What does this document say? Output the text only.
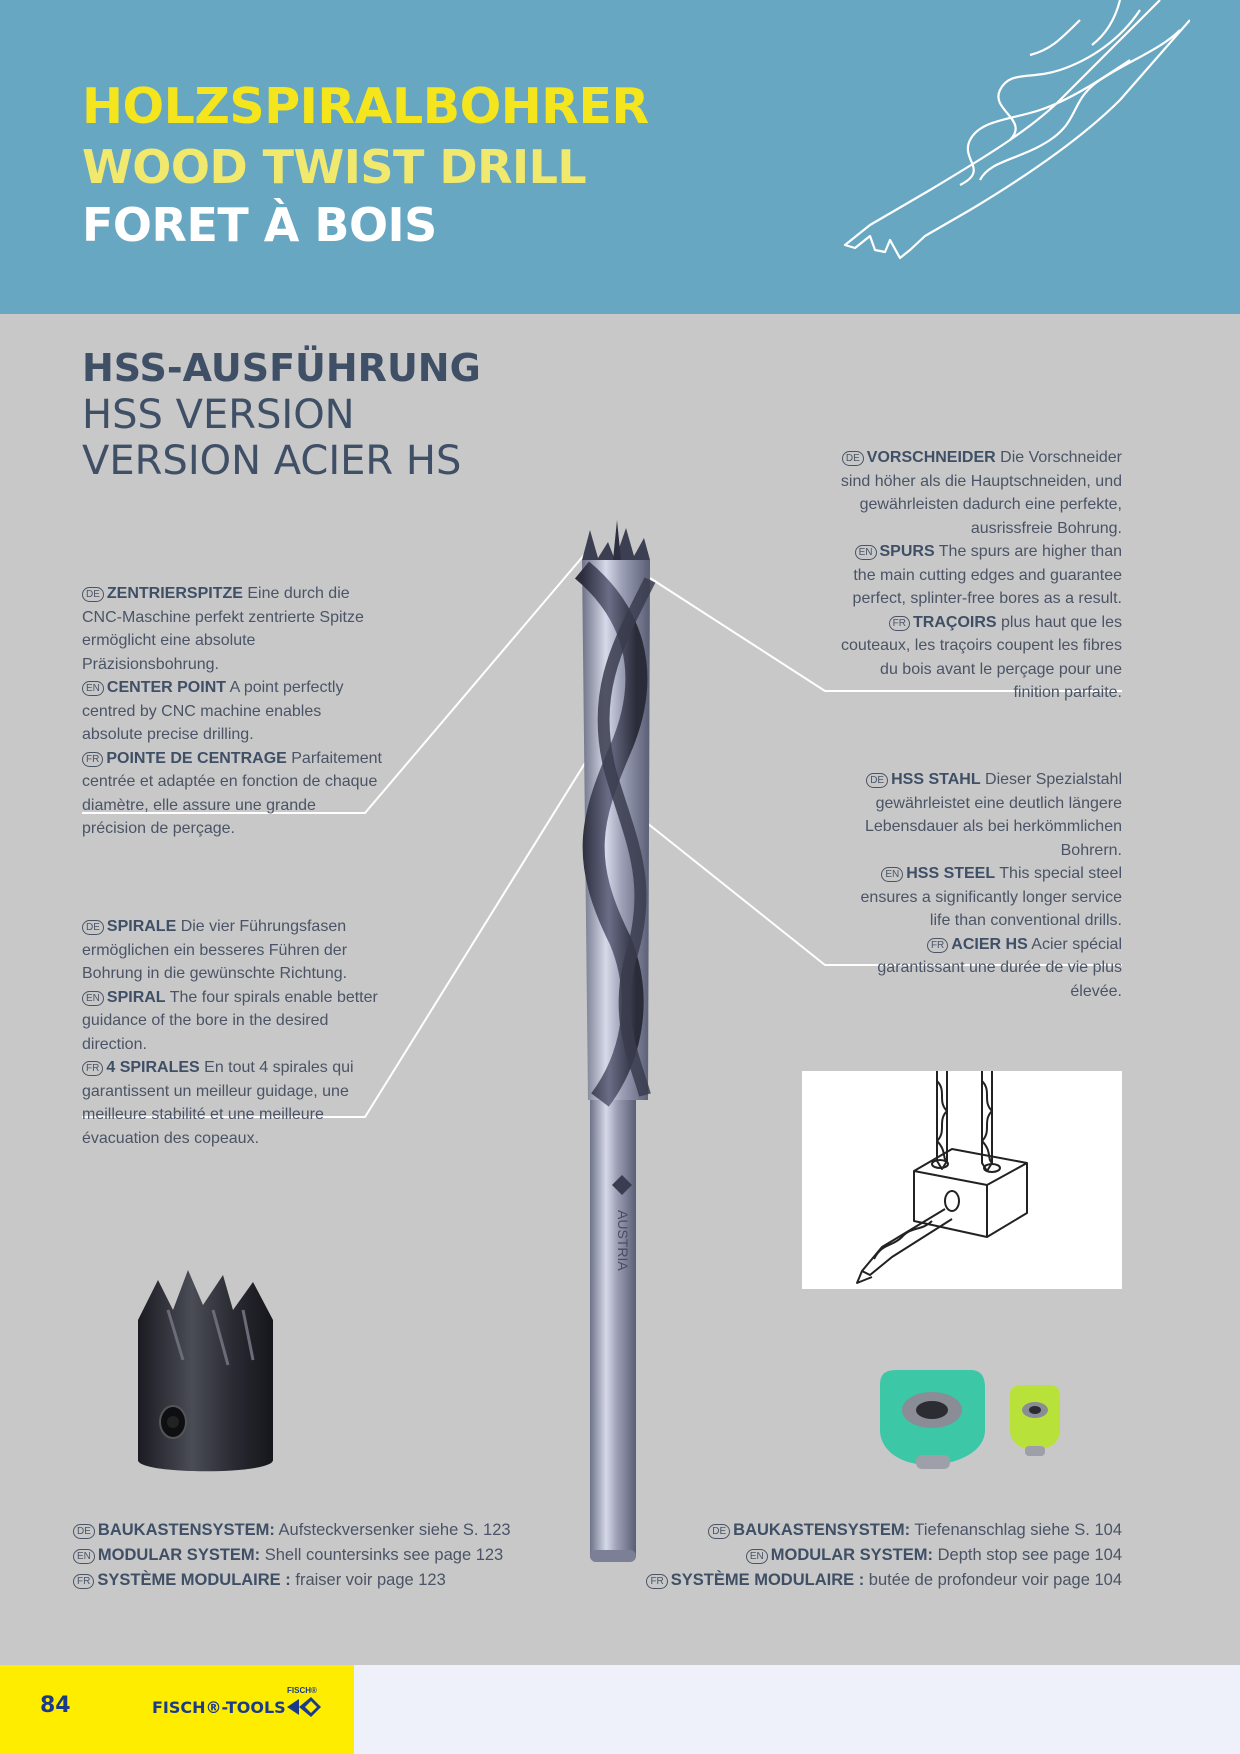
HOLZSPIRALBOHRER
WOOD TWIST DRILL
FORET À BOIS
HSS-AUSFÜHRUNG
HSS VERSION
VERSION ACIER HS
DE ZENTRIERSPITZE Eine durch die CNC-Maschine perfekt zentrierte Spitze ermöglicht eine absolute Präzisionsbohrung.
EN CENTER POINT A point perfectly centred by CNC machine enables absolute precise drilling.
FR POINTE DE CENTRAGE Parfaitement centrée et adaptée en fonction de chaque diamètre, elle assure une grande précision de perçage.
DE SPIRALE Die vier Führungsfasen ermöglichen ein besseres Führen der Bohrung in die gewünschte Richtung.
EN SPIRAL The four spirals enable better guidance of the bore in the desired direction.
FR 4 SPIRALES En tout 4 spirales qui garantissent un meilleur guidage, une meilleure stabilité et une meilleure évacuation des copeaux.
DE VORSCHNEIDER Die Vorschneider sind höher als die Hauptschneiden, und gewährleisten dadurch eine perfekte, ausrissfreie Bohrung.
EN SPURS The spurs are higher than the main cutting edges and guarantee perfect, splinter-free bores as a result.
FR TRAÇOIRS plus haut que les couteaux, les traçoirs coupent les fibres du bois avant le perçage pour une finition parfaite.
DE HSS STAHL Dieser Spezialstahl gewährleistet eine deutlich längere Lebensdauer als bei herkömmlichen Bohrern.
EN HSS STEEL This special steel ensures a significantly longer service life than conventional drills.
FR ACIER HS Acier spécial garantissant une durée de vie plus élevée.
AUSTRIA
DE BAUKASTENSYSTEM: Aufsteckversenker siehe S. 123
EN MODULAR SYSTEM: Shell countersinks see page 123
FR SYSTÈME MODULAIRE : fraiser voir page 123
DE BAUKASTENSYSTEM: Tiefenanschlag siehe S. 104
EN MODULAR SYSTEM: Depth stop see page 104
FR SYSTÈME MODULAIRE : butée de profondeur voir page 104
84	FISCH®-TOOLS
FISCH®
